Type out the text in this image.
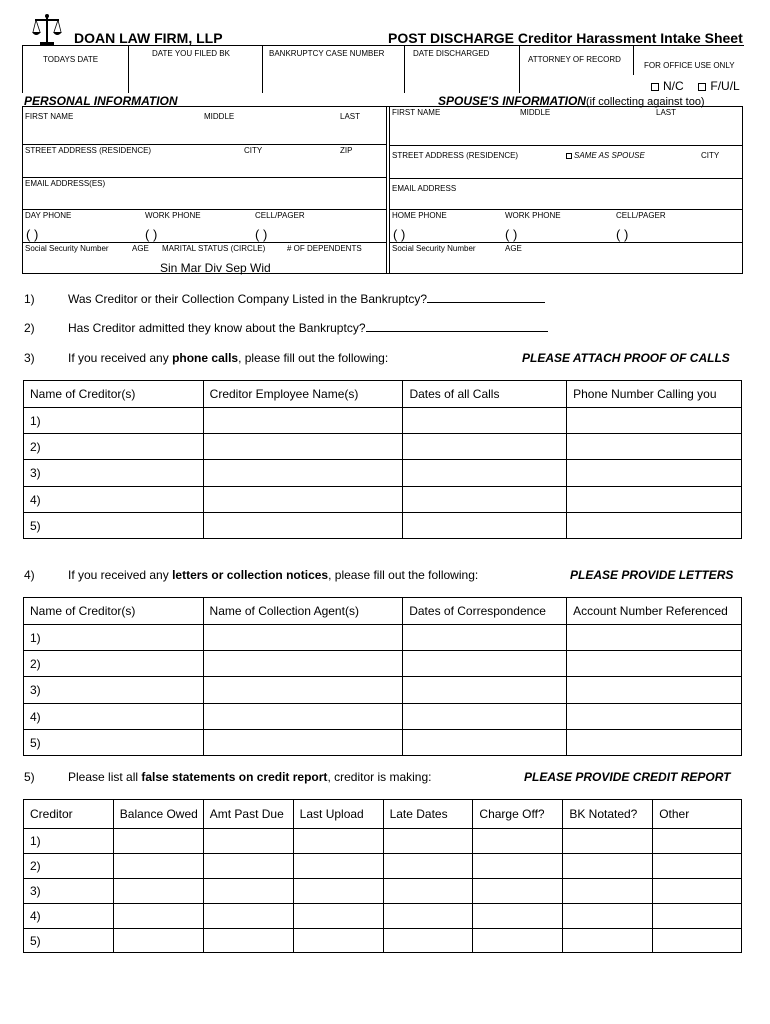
DOAN LAW FIRM, LLP	POST DISCHARGE Creditor Harassment Intake Sheet
TODAYS DATE
DATE YOU FILED BK	BANKRUPTCY CASE NUMBER	DATE DISCHARGED
ATTORNEY OF RECORD
FOR OFFICE USE ONLY
N/C F/U/L
PERSONAL INFORMATION	SPOUSE'S INFORMATION(if collecting against too)
FIRST NAME	MIDDLE	LAST
STREET ADDRESS (RESIDENCE)	CITY	ZIP
EMAIL ADDRESS(ES)
DAY PHONE	WORK PHONE	CELL/PAGER
( )	( )	( )
Social Security Number	AGE MARITAL STATUS (CIRCLE)	# OF DEPENDENTS
Sin Mar Div Sep Wid
FIRST NAME	MIDDLE	LAST
STREET ADDRESS (RESIDENCE)	SAME AS SPOUSE	CITY
EMAIL ADDRESS
HOME PHONE	WORK PHONE	CELL/PAGER
( )	( )	( )
Social Security Number	AGE
1)	Was Creditor or their Collection Company Listed in the Bankruptcy?
2)	Has Creditor admitted they know about the Bankruptcy?
3)	If you received any phone calls, please fill out the following:	PLEASE ATTACH PROOF OF CALLS
Name of Creditor(s)	Creditor Employee Name(s)	Dates of all Calls	Phone Number Calling you
1)			
2)			
3)			
4)			
5)			
4)	If you received any letters or collection notices, please fill out the following:	PLEASE PROVIDE LETTERS
Name of Creditor(s)	Name of Collection Agent(s)	Dates of Correspondence	Account Number Referenced
1)			
2)			
3)			
4)			
5)			
5)	Please list all false statements on credit report, creditor is making:	PLEASE PROVIDE CREDIT REPORT
Creditor	Balance Owed	Amt Past Due	Last Upload	Late Dates	Charge Off?	BK Notated?	Other
1)							
2)							
3)							
4)							
5)							
